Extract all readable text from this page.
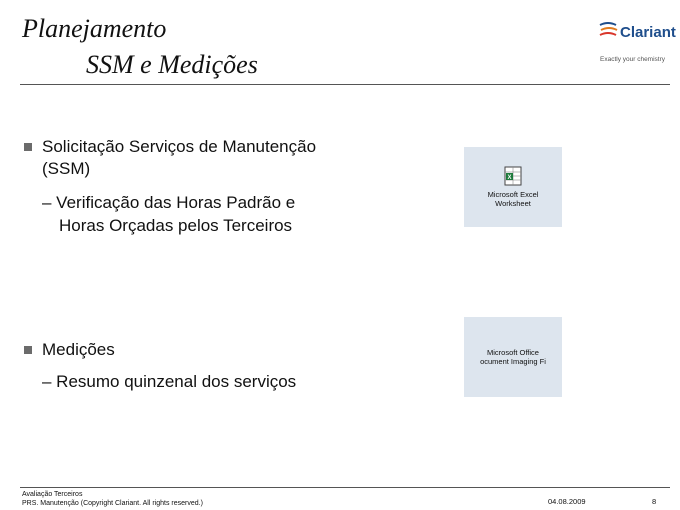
Planejamento
SSM e Medições
Clariant
Exactly your chemistry
Solicitação Serviços de Manutenção
(SSM)
– Verificação das Horas Padrão e
Horas Orçadas pelos Terceiros
Medições
– Resumo quinzenal dos serviços
X
Microsoft Excel
Worksheet
Microsoft Office
ocument Imaging Fi
Avaliação Terceiros
PRS. Manutenção (Copyright Clariant. All rights reserved.)	04.08.2009	8
